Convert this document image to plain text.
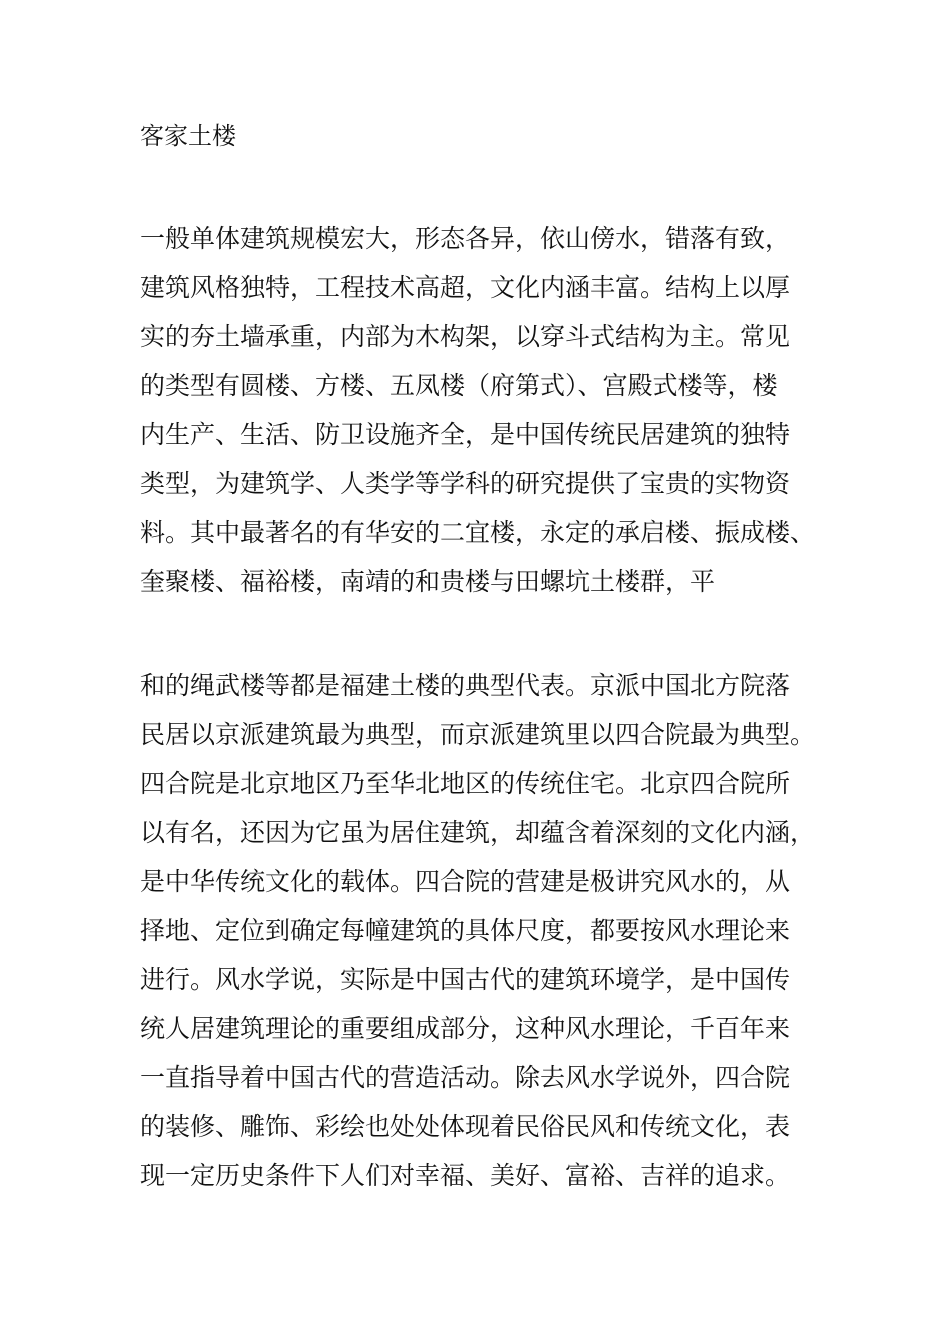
客家土楼
一般单体建筑规模宏大，形态各异，依山傍水，错落有致，
建筑风格独特，工程技术高超，文化内涵丰富。结构上以厚
实的夯土墙承重，内部为木构架，以穿斗式结构为主。常见
的类型有圆楼、方楼、五凤楼（府第式）、宫殿式楼等，楼
内生产、生活、防卫设施齐全，是中国传统民居建筑的独特
类型，为建筑学、人类学等学科的研究提供了宝贵的实物资
料。其中最著名的有华安的二宜楼，永定的承启楼、振成楼、
奎聚楼、福裕楼，南靖的和贵楼与田螺坑土楼群，平
和的绳武楼等都是福建土楼的典型代表。京派中国北方院落
民居以京派建筑最为典型，而京派建筑里以四合院最为典型。
四合院是北京地区乃至华北地区的传统住宅。北京四合院所
以有名，还因为它虽为居住建筑，却蕴含着深刻的文化内涵，
是中华传统文化的载体。四合院的营建是极讲究风水的，从
择地、定位到确定每幢建筑的具体尺度，都要按风水理论来
进行。风水学说，实际是中国古代的建筑环境学，是中国传
统人居建筑理论的重要组成部分，这种风水理论，千百年来
一直指导着中国古代的营造活动。除去风水学说外，四合院
的装修、雕饰、彩绘也处处体现着民俗民风和传统文化，表
现一定历史条件下人们对幸福、美好、富裕、吉祥的追求。
